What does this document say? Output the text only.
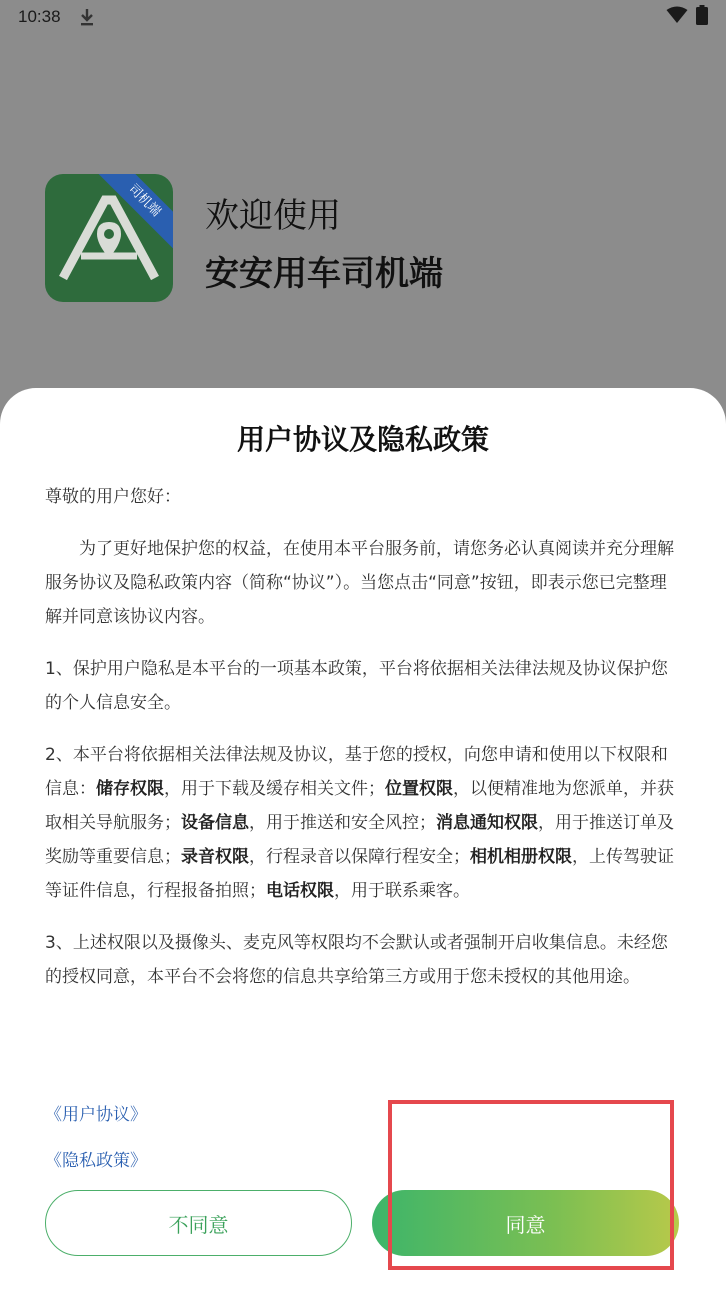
10:38
司机端	欢迎使用
安安用车司机端
用户协议及隐私政策

尊敬的用户您好：

为了更好地保护您的权益，在使用本平台服务前，请您务必认真阅读并充分理解服务协议及隐私政策内容（简称“协议”）。当您点击“同意”按钮，即表示您已完整理解并同意该协议内容。

1、保护用户隐私是本平台的一项基本政策，平台将依据相关法律法规及协议保护您的个人信息安全。

2、本平台将依据相关法律法规及协议，基于您的授权，向您申请和使用以下权限和信息：储存权限，用于下载及缓存相关文件；位置权限，以便精准地为您派单，并获取相关导航服务；设备信息，用于推送和安全风控；消息通知权限，用于推送订单及奖励等重要信息；录音权限，行程录音以保障行程安全；相机相册权限，上传驾驶证等证件信息，行程报备拍照；电话权限，用于联系乘客。

3、上述权限以及摄像头、麦克风等权限均不会默认或者强制开启收集信息。未经您的授权同意，本平台不会将您的信息共享给第三方或用于您未授权的其他用途。

《用户协议》
《隐私政策》
不同意	同意
